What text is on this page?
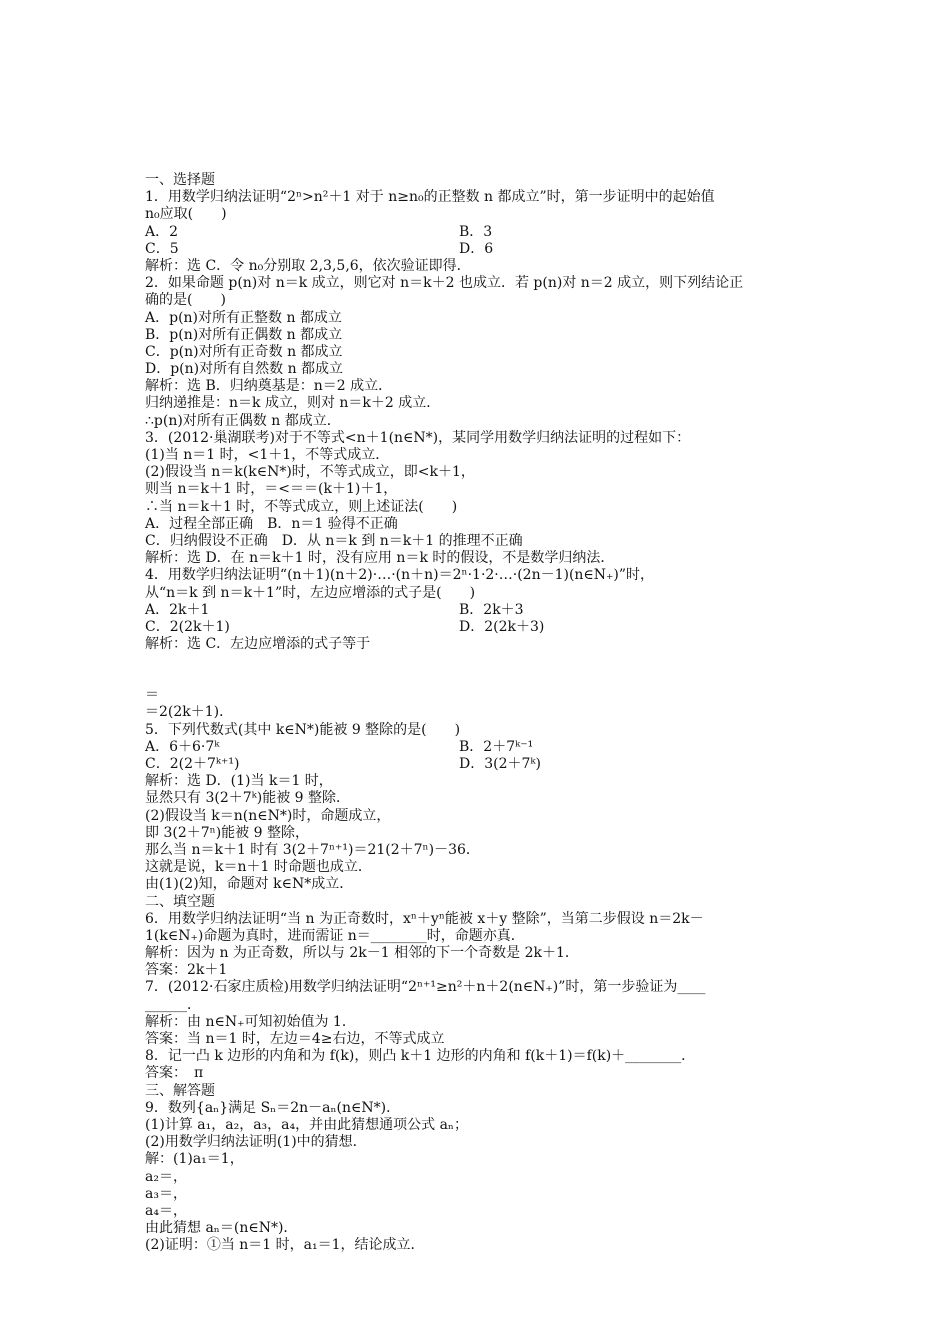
一、选择题

1．用数学归纳法证明“2ⁿ>n²＋1 对于 n≥n₀的正整数 n 都成立”时，第一步证明中的起始值

n₀应取(　　)

A．2	B．3
C．5	D．6

解析：选 C．令 n₀分别取 2,3,5,6，依次验证即得．

2．如果命题 p(n)对 n＝k 成立，则它对 n＝k＋2 也成立．若 p(n)对 n＝2 成立，则下列结论正

确的是(　　)

A．p(n)对所有正整数 n 都成立

B．p(n)对所有正偶数 n 都成立

C．p(n)对所有正奇数 n 都成立

D．p(n)对所有自然数 n 都成立

解析：选 B．归纳奠基是：n＝2 成立．

归纳递推是：n＝k 成立，则对 n＝k＋2 成立．

∴p(n)对所有正偶数 n 都成立．

3．(2012·巢湖联考)对于不等式<n＋1(n∈N*)，某同学用数学归纳法证明的过程如下：

(1)当 n＝1 时，<1＋1，不等式成立．

(2)假设当 n＝k(k∈N*)时，不等式成立，即<k＋1，

则当 n＝k＋1 时，＝<＝＝(k＋1)＋1，

∴当 n＝k＋1 时，不等式成立，则上述证法(　　)

A．过程全部正确　B．n＝1 验得不正确

C．归纳假设不正确　D．从 n＝k 到 n＝k＋1 的推理不正确

解析：选 D．在 n＝k＋1 时，没有应用 n＝k 时的假设，不是数学归纳法．

4．用数学归纳法证明“(n＋1)(n＋2)·…·(n＋n)＝2ⁿ·1·2·…·(2n－1)(n∈N₊)”时，

从“n＝k 到 n＝k＋1”时，左边应增添的式子是(　　)

A．2k＋1	B．2k＋3
C．2(2k＋1)	D．2(2k＋3)

解析：选 C．左边应增添的式子等于

＝

＝2(2k＋1)．

5．下列代数式(其中 k∈N*)能被 9 整除的是(　　)

A．6＋6·7ᵏ	B．2＋7ᵏ⁻¹
C．2(2＋7ᵏ⁺¹)	D．3(2＋7ᵏ)

解析：选 D．(1)当 k＝1 时，

显然只有 3(2＋7ᵏ)能被 9 整除．

(2)假设当 k＝n(n∈N*)时，命题成立，

即 3(2＋7ⁿ)能被 9 整除，

那么当 n＝k＋1 时有 3(2＋7ⁿ⁺¹)＝21(2＋7ⁿ)－36．

这就是说，k＝n＋1 时命题也成立．

由(1)(2)知，命题对 k∈N*成立．

二、填空题

6．用数学归纳法证明“当 n 为正奇数时，xⁿ＋yⁿ能被 x＋y 整除”，当第二步假设 n＝2k－

1(k∈N₊)命题为真时，进而需证 n＝________时，命题亦真．

解析：因为 n 为正奇数，所以与 2k－1 相邻的下一个奇数是 2k＋1．

答案：2k＋1

7．(2012·石家庄质检)用数学归纳法证明“2ⁿ⁺¹≥n²＋n＋2(n∈N₊)”时，第一步验证为____

______．

解析：由 n∈N₊可知初始值为 1．

答案：当 n＝1 时，左边＝4≥右边，不等式成立

8．记一凸 k 边形的内角和为 f(k)，则凸 k＋1 边形的内角和 f(k＋1)＝f(k)＋________．

答案：　π

三、解答题

9．数列{aₙ}满足 Sₙ＝2n－aₙ(n∈N*)．

(1)计算 a₁，a₂，a₃，a₄，并由此猜想通项公式 aₙ；

(2)用数学归纳法证明(1)中的猜想．

解：(1)a₁＝1，

a₂＝，

a₃＝，

a₄＝，

由此猜想 aₙ＝(n∈N*)．

(2)证明：①当 n＝1 时，a₁＝1，结论成立．
